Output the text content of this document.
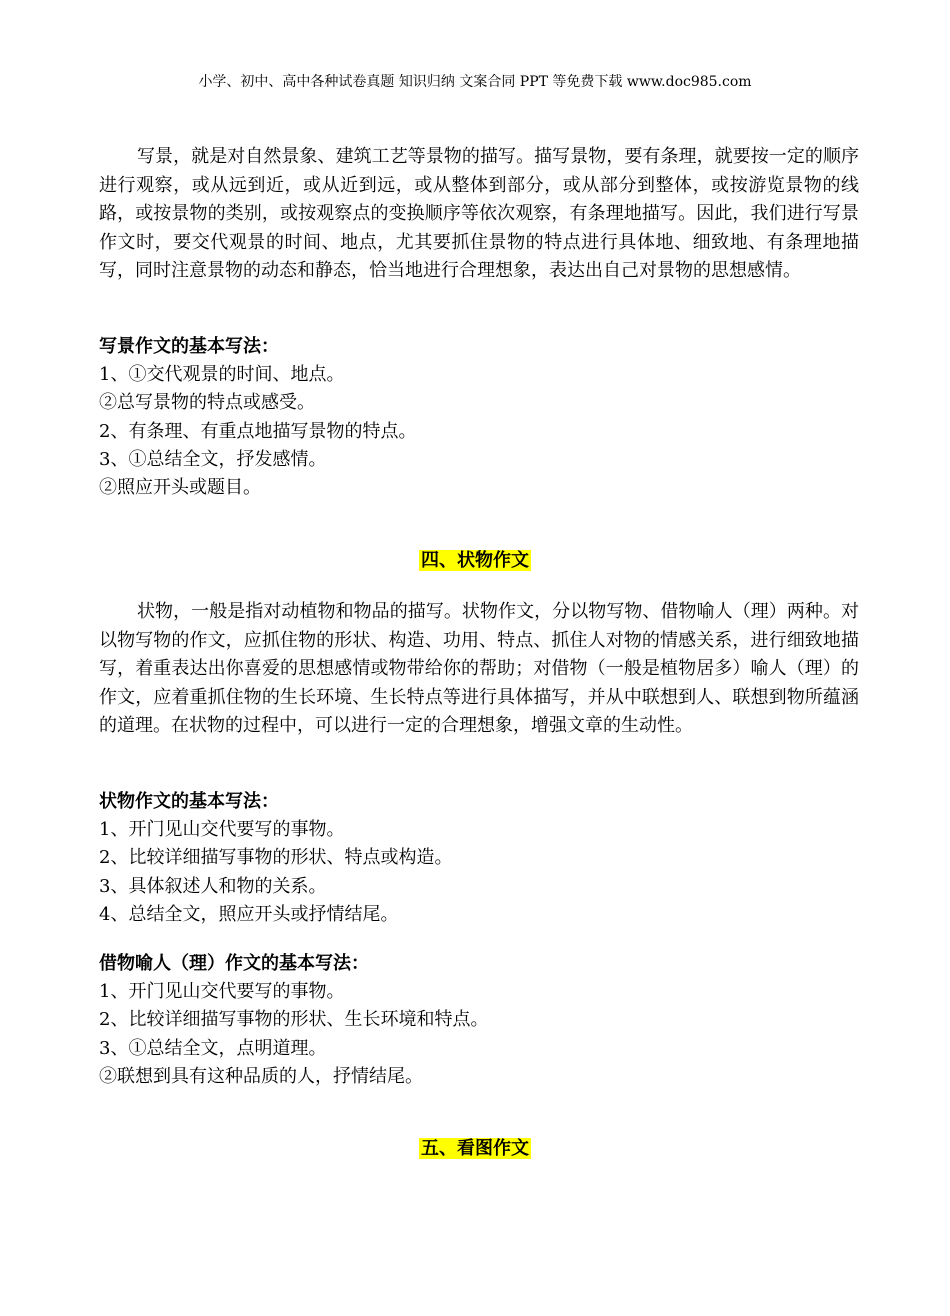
小学、初中、高中各种试卷真题 知识归纳 文案合同 PPT 等免费下载 www.doc985.com

写景，就是对自然景象、建筑工艺等景物的描写。描写景物，要有条理，就要按一定的顺序进行观察，或从远到近，或从近到远，或从整体到部分，或从部分到整体，或按游览景物的线路，或按景物的类别，或按观察点的变换顺序等依次观察，有条理地描写。因此，我们进行写景作文时，要交代观景的时间、地点，尤其要抓住景物的特点进行具体地、细致地、有条理地描写，同时注意景物的动态和静态，恰当地进行合理想象，表达出自己对景物的思想感情。

写景作文的基本写法：
1、①交代观景的时间、地点。
②总写景物的特点或感受。
2、有条理、有重点地描写景物的特点。
3、①总结全文，抒发感情。
②照应开头或题目。
四、状物作文

状物，一般是指对动植物和物品的描写。状物作文，分以物写物、借物喻人（理）两种。对以物写物的作文，应抓住物的形状、构造、功用、特点、抓住人对物的情感关系，进行细致地描写，着重表达出你喜爱的思想感情或物带给你的帮助；对借物（一般是植物居多）喻人（理）的作文，应着重抓住物的生长环境、生长特点等进行具体描写，并从中联想到人、联想到物所蕴涵的道理。在状物的过程中，可以进行一定的合理想象，增强文章的生动性。

状物作文的基本写法：
1、开门见山交代要写的事物。
2、比较详细描写事物的形状、特点或构造。
3、具体叙述人和物的关系。
4、总结全文，照应开头或抒情结尾。
借物喻人（理）作文的基本写法：
1、开门见山交代要写的事物。
2、比较详细描写事物的形状、生长环境和特点。
3、①总结全文，点明道理。
②联想到具有这种品质的人，抒情结尾。
五、看图作文
